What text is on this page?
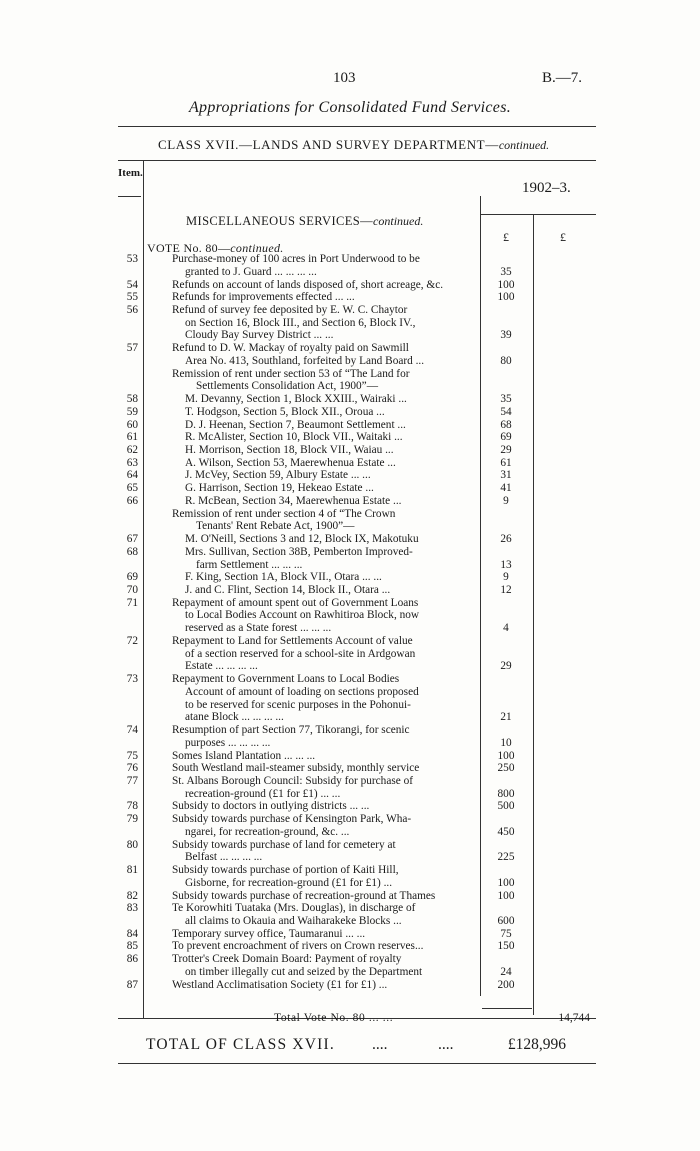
103	B.—7.
Appropriations for Consolidated Fund Services.
CLASS XVII.—LANDS AND SURVEY DEPARTMENT—continued.
Item.
1902–3.
MISCELLANEOUS SERVICES—continued.
£	£
VOTE No. 80—continued.
53	Purchase-money of 100 acres in Port Underwood to be
granted to J. Guard ... ... ... ...	35
54	Refunds on account of lands disposed of, short acreage, &c.	100
55	Refunds for improvements effected ... ...	100
56	Refund of survey fee deposited by E. W. C. Chaytor
on Section 16, Block III., and Section 6, Block IV.,
Cloudy Bay Survey District ... ...	39
57	Refund to D. W. Mackay of royalty paid on Sawmill
Area No. 413, Southland, forfeited by Land Board ...	80
Remission of rent under section 53 of “The Land for
Settlements Consolidation Act, 1900”—
58	M. Devanny, Section 1, Block XXIII., Wairaki ...	35
59	T. Hodgson, Section 5, Block XII., Oroua ...	54
60	D. J. Heenan, Section 7, Beaumont Settlement ...	68
61	R. McAlister, Section 10, Block VII., Waitaki ...	69
62	H. Morrison, Section 18, Block VII., Waiau ...	29
63	A. Wilson, Section 53, Maerewhenua Estate ...	61
64	J. McVey, Section 59, Albury Estate ... ...	31
65	G. Harrison, Section 19, Hekeao Estate ...	41
66	R. McBean, Section 34, Maerewhenua Estate ...	9
Remission of rent under section 4 of “The Crown
Tenants' Rent Rebate Act, 1900”—
67	M. O'Neill, Sections 3 and 12, Block IX, Makotuku	26
68	Mrs. Sullivan, Section 38B, Pemberton Improved-
farm Settlement ... ... ...	13
69	F. King, Section 1A, Block VII., Otara ... ...	9
70	J. and C. Flint, Section 14, Block II., Otara ...	12
71	Repayment of amount spent out of Government Loans
to Local Bodies Account on Rawhitiroa Block, now
reserved as a State forest ... ... ...	4
72	Repayment to Land for Settlements Account of value
of a section reserved for a school-site in Ardgowan
Estate ... ... ... ...	29
73	Repayment to Government Loans to Local Bodies
Account of amount of loading on sections proposed
to be reserved for scenic purposes in the Pohonui-
atane Block ... ... ... ...	21
74	Resumption of part Section 77, Tikorangi, for scenic
purposes ... ... ... ...	10
75	Somes Island Plantation ... ... ...	100
76	South Westland mail-steamer subsidy, monthly service	250
77	St. Albans Borough Council: Subsidy for purchase of
recreation-ground (£1 for £1) ... ...	800
78	Subsidy to doctors in outlying districts ... ...	500
79	Subsidy towards purchase of Kensington Park, Wha-
ngarei, for recreation-ground, &c. ...	450
80	Subsidy towards purchase of land for cemetery at
Belfast ... ... ... ...	225
81	Subsidy towards purchase of portion of Kaiti Hill,
Gisborne, for recreation-ground (£1 for £1) ...	100
82	Subsidy towards purchase of recreation-ground at Thames	100
83	Te Korowhiti Tuataka (Mrs. Douglas), in discharge of
all claims to Okauia and Waiharakeke Blocks ...	600
84	Temporary survey office, Taumaranui ... ...	75
85	To prevent encroachment of rivers on Crown reserves...	150
86	Trotter's Creek Domain Board: Payment of royalty
on timber illegally cut and seized by the Department	24
87	Westland Acclimatisation Society (£1 for £1) ...	200
Total Vote No. 80 ... ...	14,744
TOTAL OF CLASS XVII. ....	....	£128,996
